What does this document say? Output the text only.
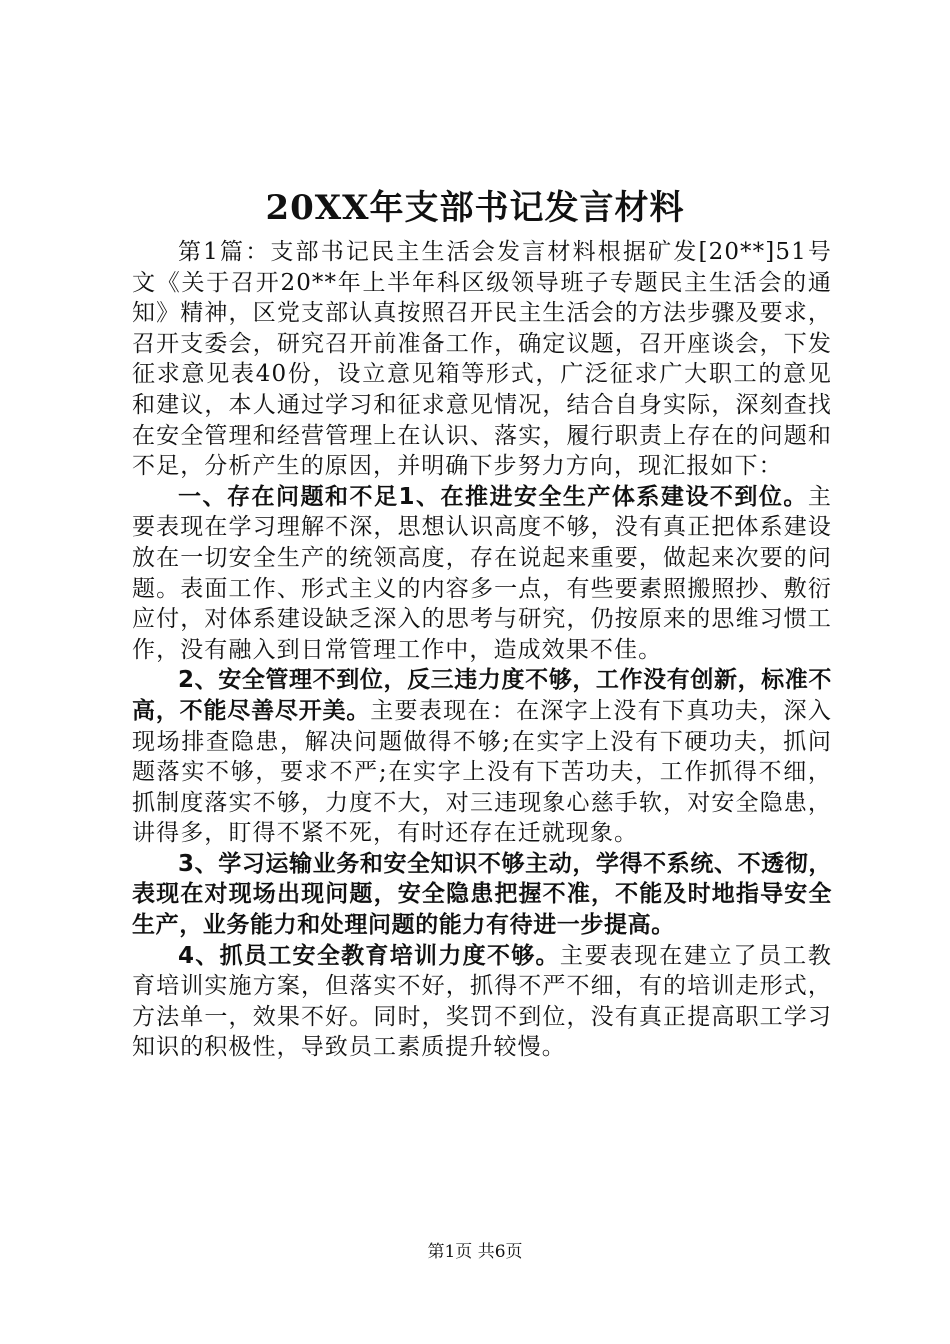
20XX年支部书记发言材料

第1篇：支部书记民主生活会发言材料根据矿发[20**]51号文《关于召开20**年上半年科区级领导班子专题民主生活会的通知》精神，区党支部认真按照召开民主生活会的方法步骤及要求，召开支委会，研究召开前准备工作，确定议题，召开座谈会，下发征求意见表40份，设立意见箱等形式，广泛征求广大职工的意见和建议，本人通过学习和征求意见情况，结合自身实际，深刻查找在安全管理和经营管理上在认识、落实，履行职责上存在的问题和不足，分析产生的原因，并明确下步努力方向，现汇报如下：

一、存在问题和不足1、在推进安全生产体系建设不到位。主要表现在学习理解不深，思想认识高度不够，没有真正把体系建设放在一切安全生产的统领高度，存在说起来重要，做起来次要的问题。表面工作、形式主义的内容多一点，有些要素照搬照抄、敷衍应付，对体系建设缺乏深入的思考与研究，仍按原来的思维习惯工作，没有融入到日常管理工作中，造成效果不佳。

2、安全管理不到位，反三违力度不够，工作没有创新，标准不高，不能尽善尽开美。主要表现在：在深字上没有下真功夫，深入现场排查隐患，解决问题做得不够;在实字上没有下硬功夫，抓问题落实不够，要求不严;在实字上没有下苦功夫，工作抓得不细，抓制度落实不够，力度不大，对三违现象心慈手软，对安全隐患，讲得多，盯得不紧不死，有时还存在迁就现象。

3、学习运输业务和安全知识不够主动，学得不系统、不透彻，表现在对现场出现问题，安全隐患把握不准，不能及时地指导安全生产，业务能力和处理问题的能力有待进一步提高。

4、抓员工安全教育培训力度不够。主要表现在建立了员工教育培训实施方案，但落实不好，抓得不严不细，有的培训走形式，方法单一，效果不好。同时，奖罚不到位，没有真正提高职工学习知识的积极性，导致员工素质提升较慢。

第1页 共6页
